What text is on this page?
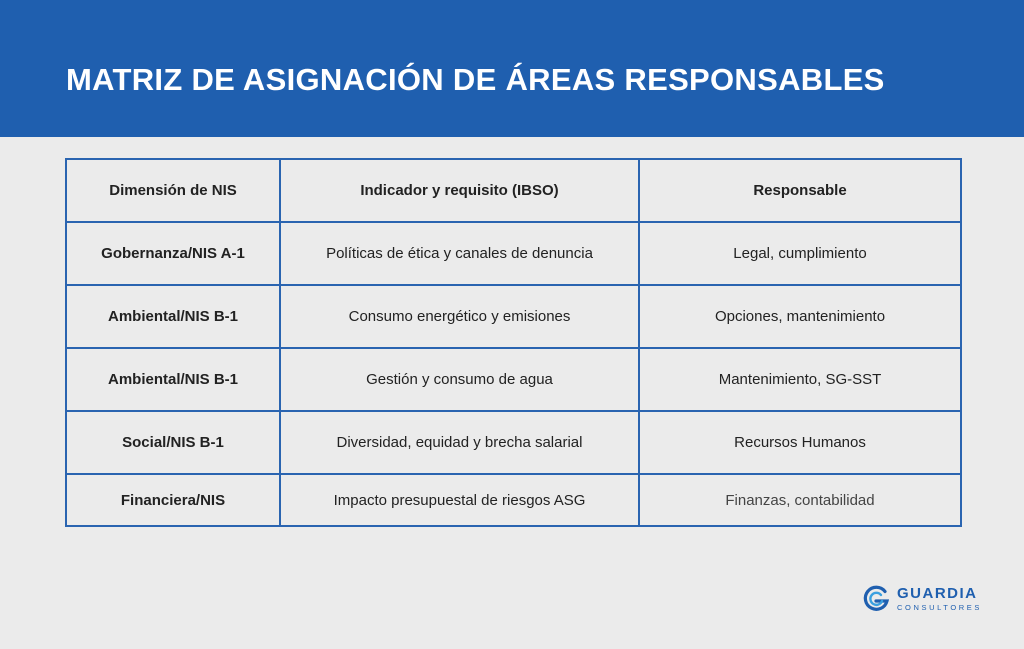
MATRIZ DE ASIGNACIÓN DE ÁREAS RESPONSABLES
Dimensión de NIS	Indicador y requisito (IBSO)	Responsable
Gobernanza/NIS A-1	Políticas de ética y canales de denuncia	Legal, cumplimiento
Ambiental/NIS B-1	Consumo energético y emisiones	Opciones, mantenimiento
Ambiental/NIS B-1	Gestión y consumo de agua	Mantenimiento, SG-SST
Social/NIS B-1	Diversidad, equidad y brecha salarial	Recursos Humanos
Financiera/NIS	Impacto presupuestal de riesgos ASG	Finanzas, contabilidad
GUARDIA
CONSULTORES
